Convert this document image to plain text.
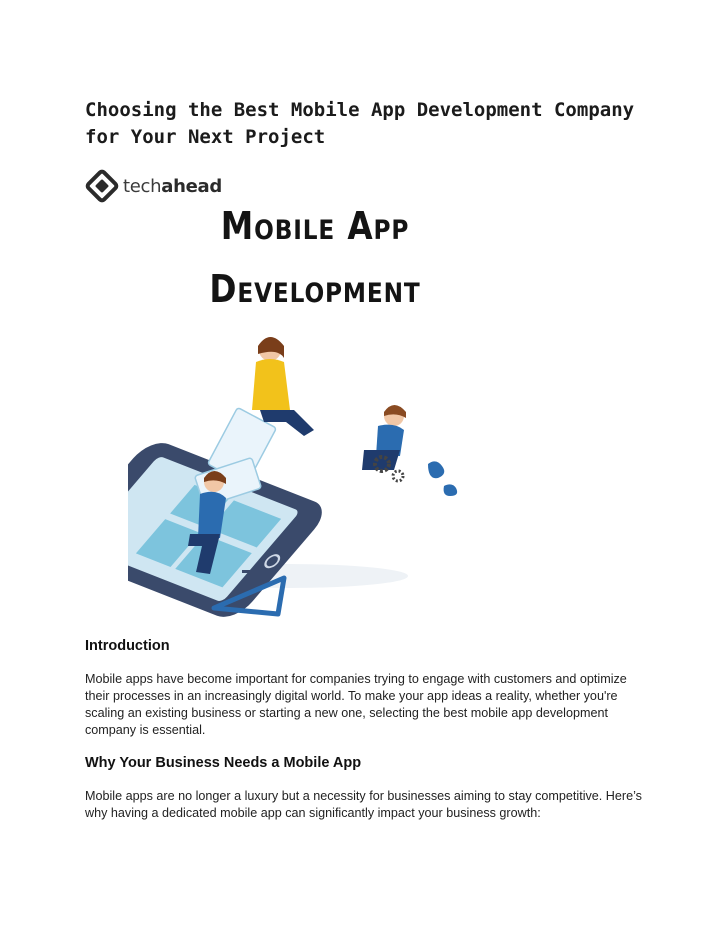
Choosing the Best Mobile App Development Company for Your Next Project
techahead
Mobile App
Development
Introduction

Mobile apps have become important for companies trying to engage with customers and optimize their processes in an increasingly digital world. To make your app ideas a reality, whether you're scaling an existing business or starting a new one, selecting the best mobile app development company is essential.

Why Your Business Needs a Mobile App

Mobile apps are no longer a luxury but a necessity for businesses aiming to stay competitive. Here’s why having a dedicated mobile app can significantly impact your business growth:
